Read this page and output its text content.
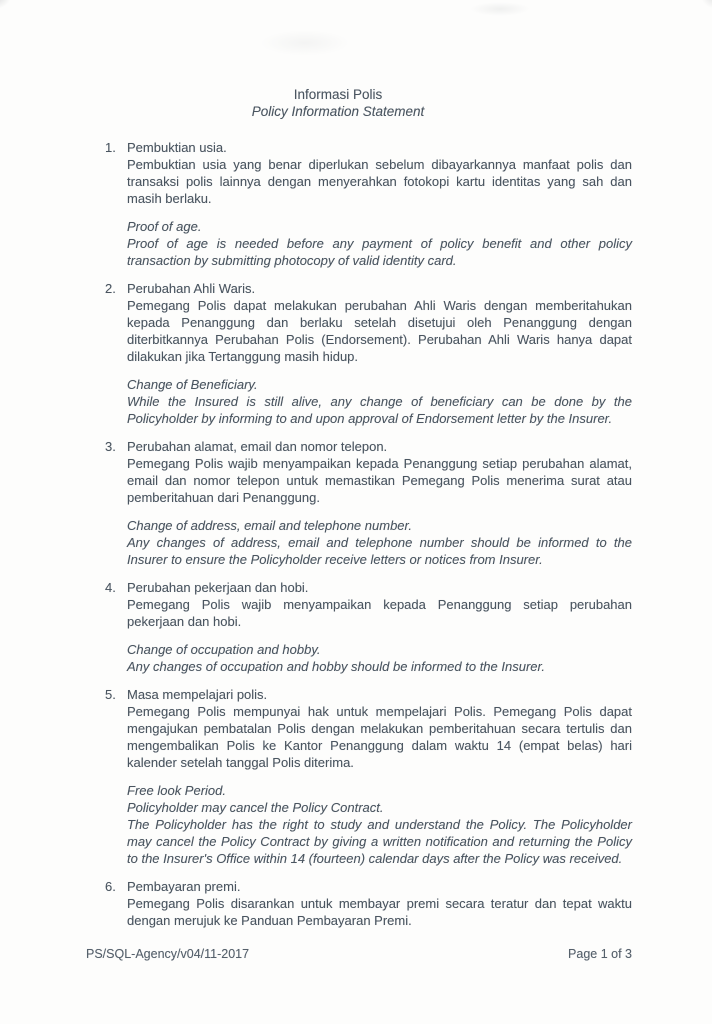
Informasi Polis
Policy Information Statement
1. Pembuktian usia.

Pembuktian usia yang benar diperlukan sebelum dibayarkannya manfaat polis dan transaksi polis lainnya dengan menyerahkan fotokopi kartu identitas yang sah dan masih berlaku.

Proof of age.

Proof of age is needed before any payment of policy benefit and other policy transaction by submitting photocopy of valid identity card.

2. Perubahan Ahli Waris.

Pemegang Polis dapat melakukan perubahan Ahli Waris dengan memberitahukan kepada Penanggung dan berlaku setelah disetujui oleh Penanggung dengan diterbitkannya Perubahan Polis (Endorsement). Perubahan Ahli Waris hanya dapat dilakukan jika Tertanggung masih hidup.

Change of Beneficiary.

While the Insured is still alive, any change of beneficiary can be done by the Policyholder by informing to and upon approval of Endorsement letter by the Insurer.

3. Perubahan alamat, email dan nomor telepon.

Pemegang Polis wajib menyampaikan kepada Penanggung setiap perubahan alamat, email dan nomor telepon untuk memastikan Pemegang Polis menerima surat atau pemberitahuan dari Penanggung.

Change of address, email and telephone number.

Any changes of address, email and telephone number should be informed to the Insurer to ensure the Policyholder receive letters or notices from Insurer.

4. Perubahan pekerjaan dan hobi.

Pemegang Polis wajib menyampaikan kepada Penanggung setiap perubahan pekerjaan dan hobi.

Change of occupation and hobby.

Any changes of occupation and hobby should be informed to the Insurer.

5. Masa mempelajari polis.

Pemegang Polis mempunyai hak untuk mempelajari Polis. Pemegang Polis dapat mengajukan pembatalan Polis dengan melakukan pemberitahuan secara tertulis dan mengembalikan Polis ke Kantor Penanggung dalam waktu 14 (empat belas) hari kalender setelah tanggal Polis diterima.

Free look Period.

Policyholder may cancel the Policy Contract.

The Policyholder has the right to study and understand the Policy. The Policyholder may cancel the Policy Contract by giving a written notification and returning the Policy to the Insurer's Office within 14 (fourteen) calendar days after the Policy was received.

6. Pembayaran premi.

Pemegang Polis disarankan untuk membayar premi secara teratur dan tepat waktu dengan merujuk ke Panduan Pembayaran Premi.

PS/SQL-Agency/v04/11-2017	Page 1 of 3
